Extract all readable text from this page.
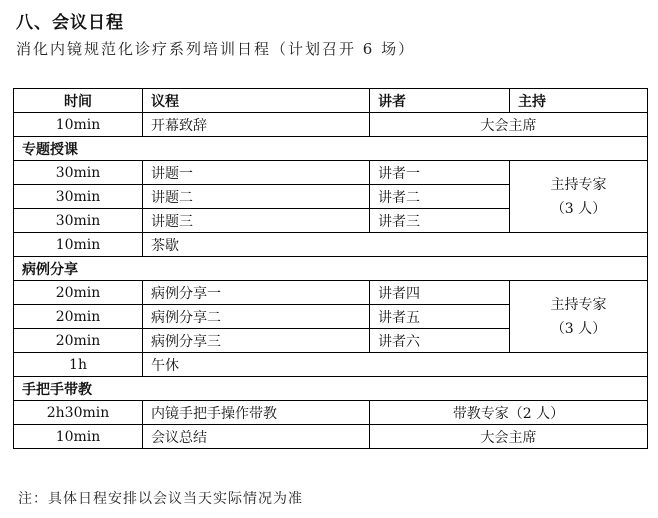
八、会议日程
消化内镜规范化诊疗系列培训日程（计划召开 6 场）
时间	议程	讲者	主持
10min	开幕致辞	大会主席	
专题授课			
30min	讲题一	讲者一	主持专家
（3 人）

30min	讲题二	讲者二	
30min	讲题三	讲者三	
10min	茶歇		
病例分享			
20min	病例分享一	讲者四	主持专家
（3 人）

20min	病例分享二	讲者五	
20min	病例分享三	讲者六	
1h	午休		
手把手带教			
2h30min	内镜手把手操作带教	带教专家（2 人）	
10min	会议总结	大会主席	
注：具体日程安排以会议当天实际情况为准
